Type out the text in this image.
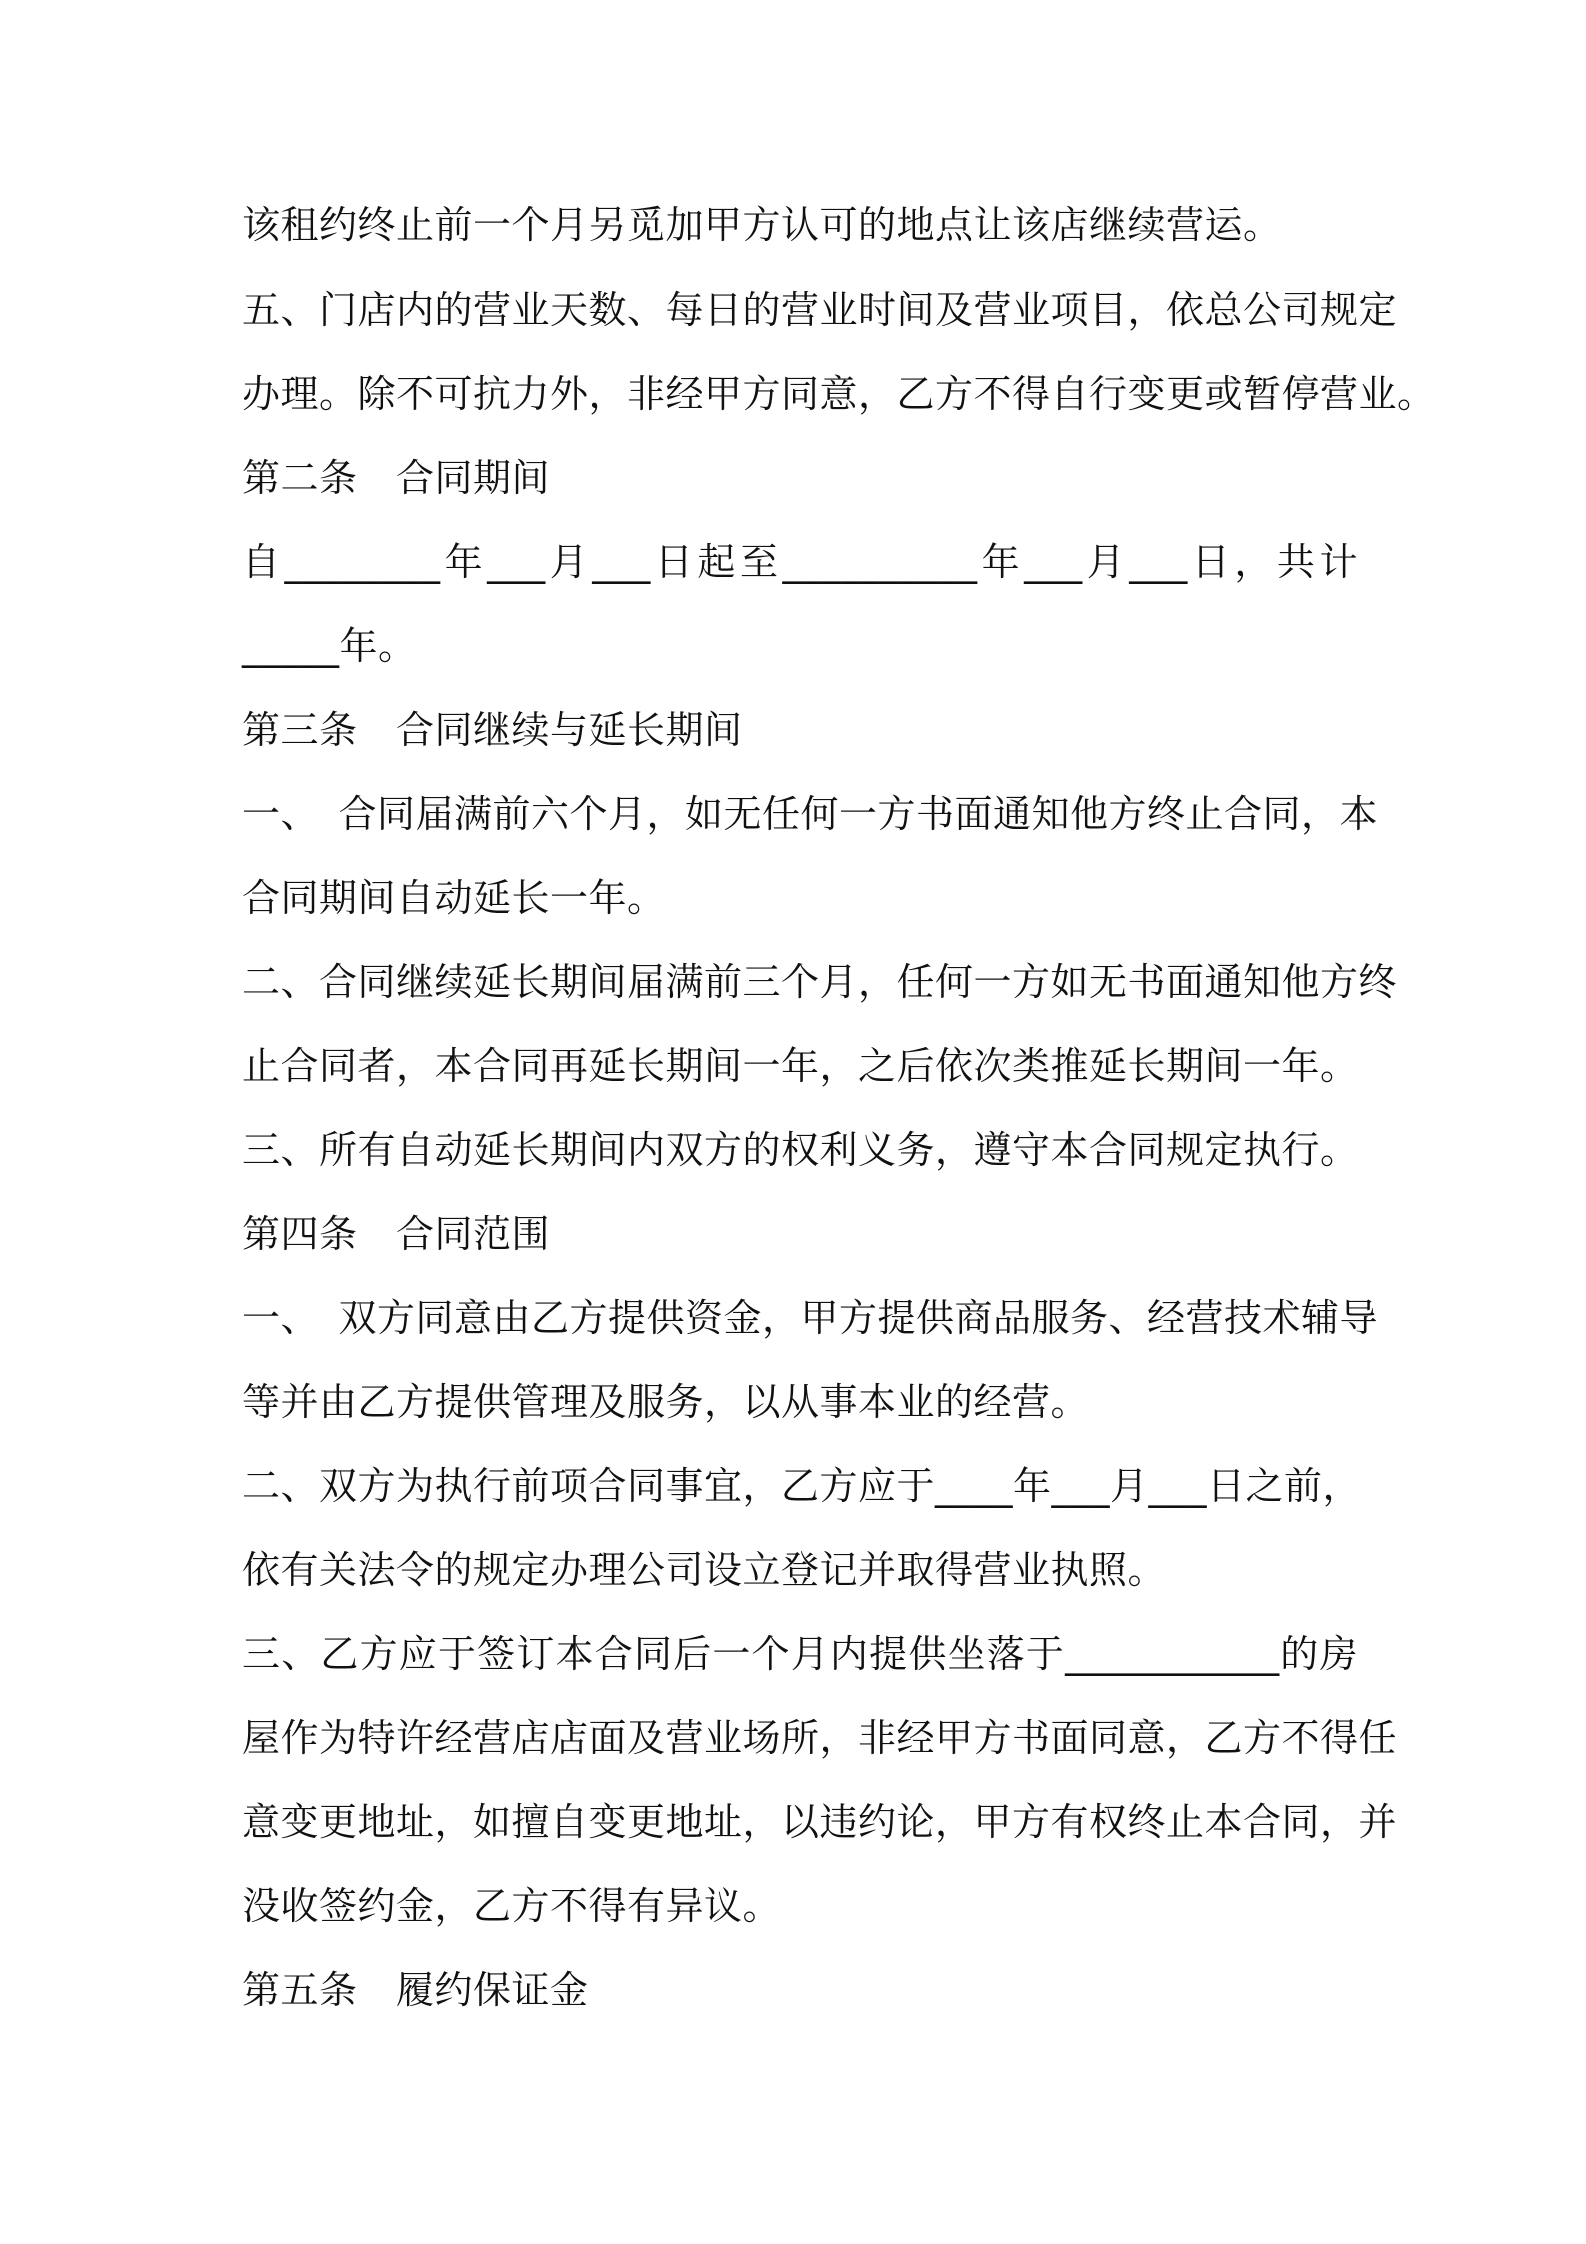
该租约终止前一个月另觅加甲方认可的地点让该店继续营运。
五、门店内的营业天数、每日的营业时间及营业项目，依总公司规定
办理。除不可抗力外，非经甲方同意，乙方不得自行变更或暂停营业。
第二条　合同期间
自________年___月___日起至__________年___月___日，共计
_____年。
第三条　合同继续与延长期间
一、　合同届满前六个月，如无任何一方书面通知他方终止合同，本
合同期间自动延长一年。
二、合同继续延长期间届满前三个月，任何一方如无书面通知他方终
止合同者，本合同再延长期间一年，之后依次类推延长期间一年。
三、所有自动延长期间内双方的权利义务，遵守本合同规定执行。
第四条　合同范围
一、　双方同意由乙方提供资金，甲方提供商品服务、经营技术辅导
等并由乙方提供管理及服务，以从事本业的经营。
二、双方为执行前项合同事宜，乙方应于____年___月___日之前，
依有关法令的规定办理公司设立登记并取得营业执照。
三、乙方应于签订本合同后一个月内提供坐落于___________的房
屋作为特许经营店店面及营业场所，非经甲方书面同意，乙方不得任
意变更地址，如擅自变更地址，以违约论，甲方有权终止本合同，并
没收签约金，乙方不得有异议。
第五条　履约保证金
